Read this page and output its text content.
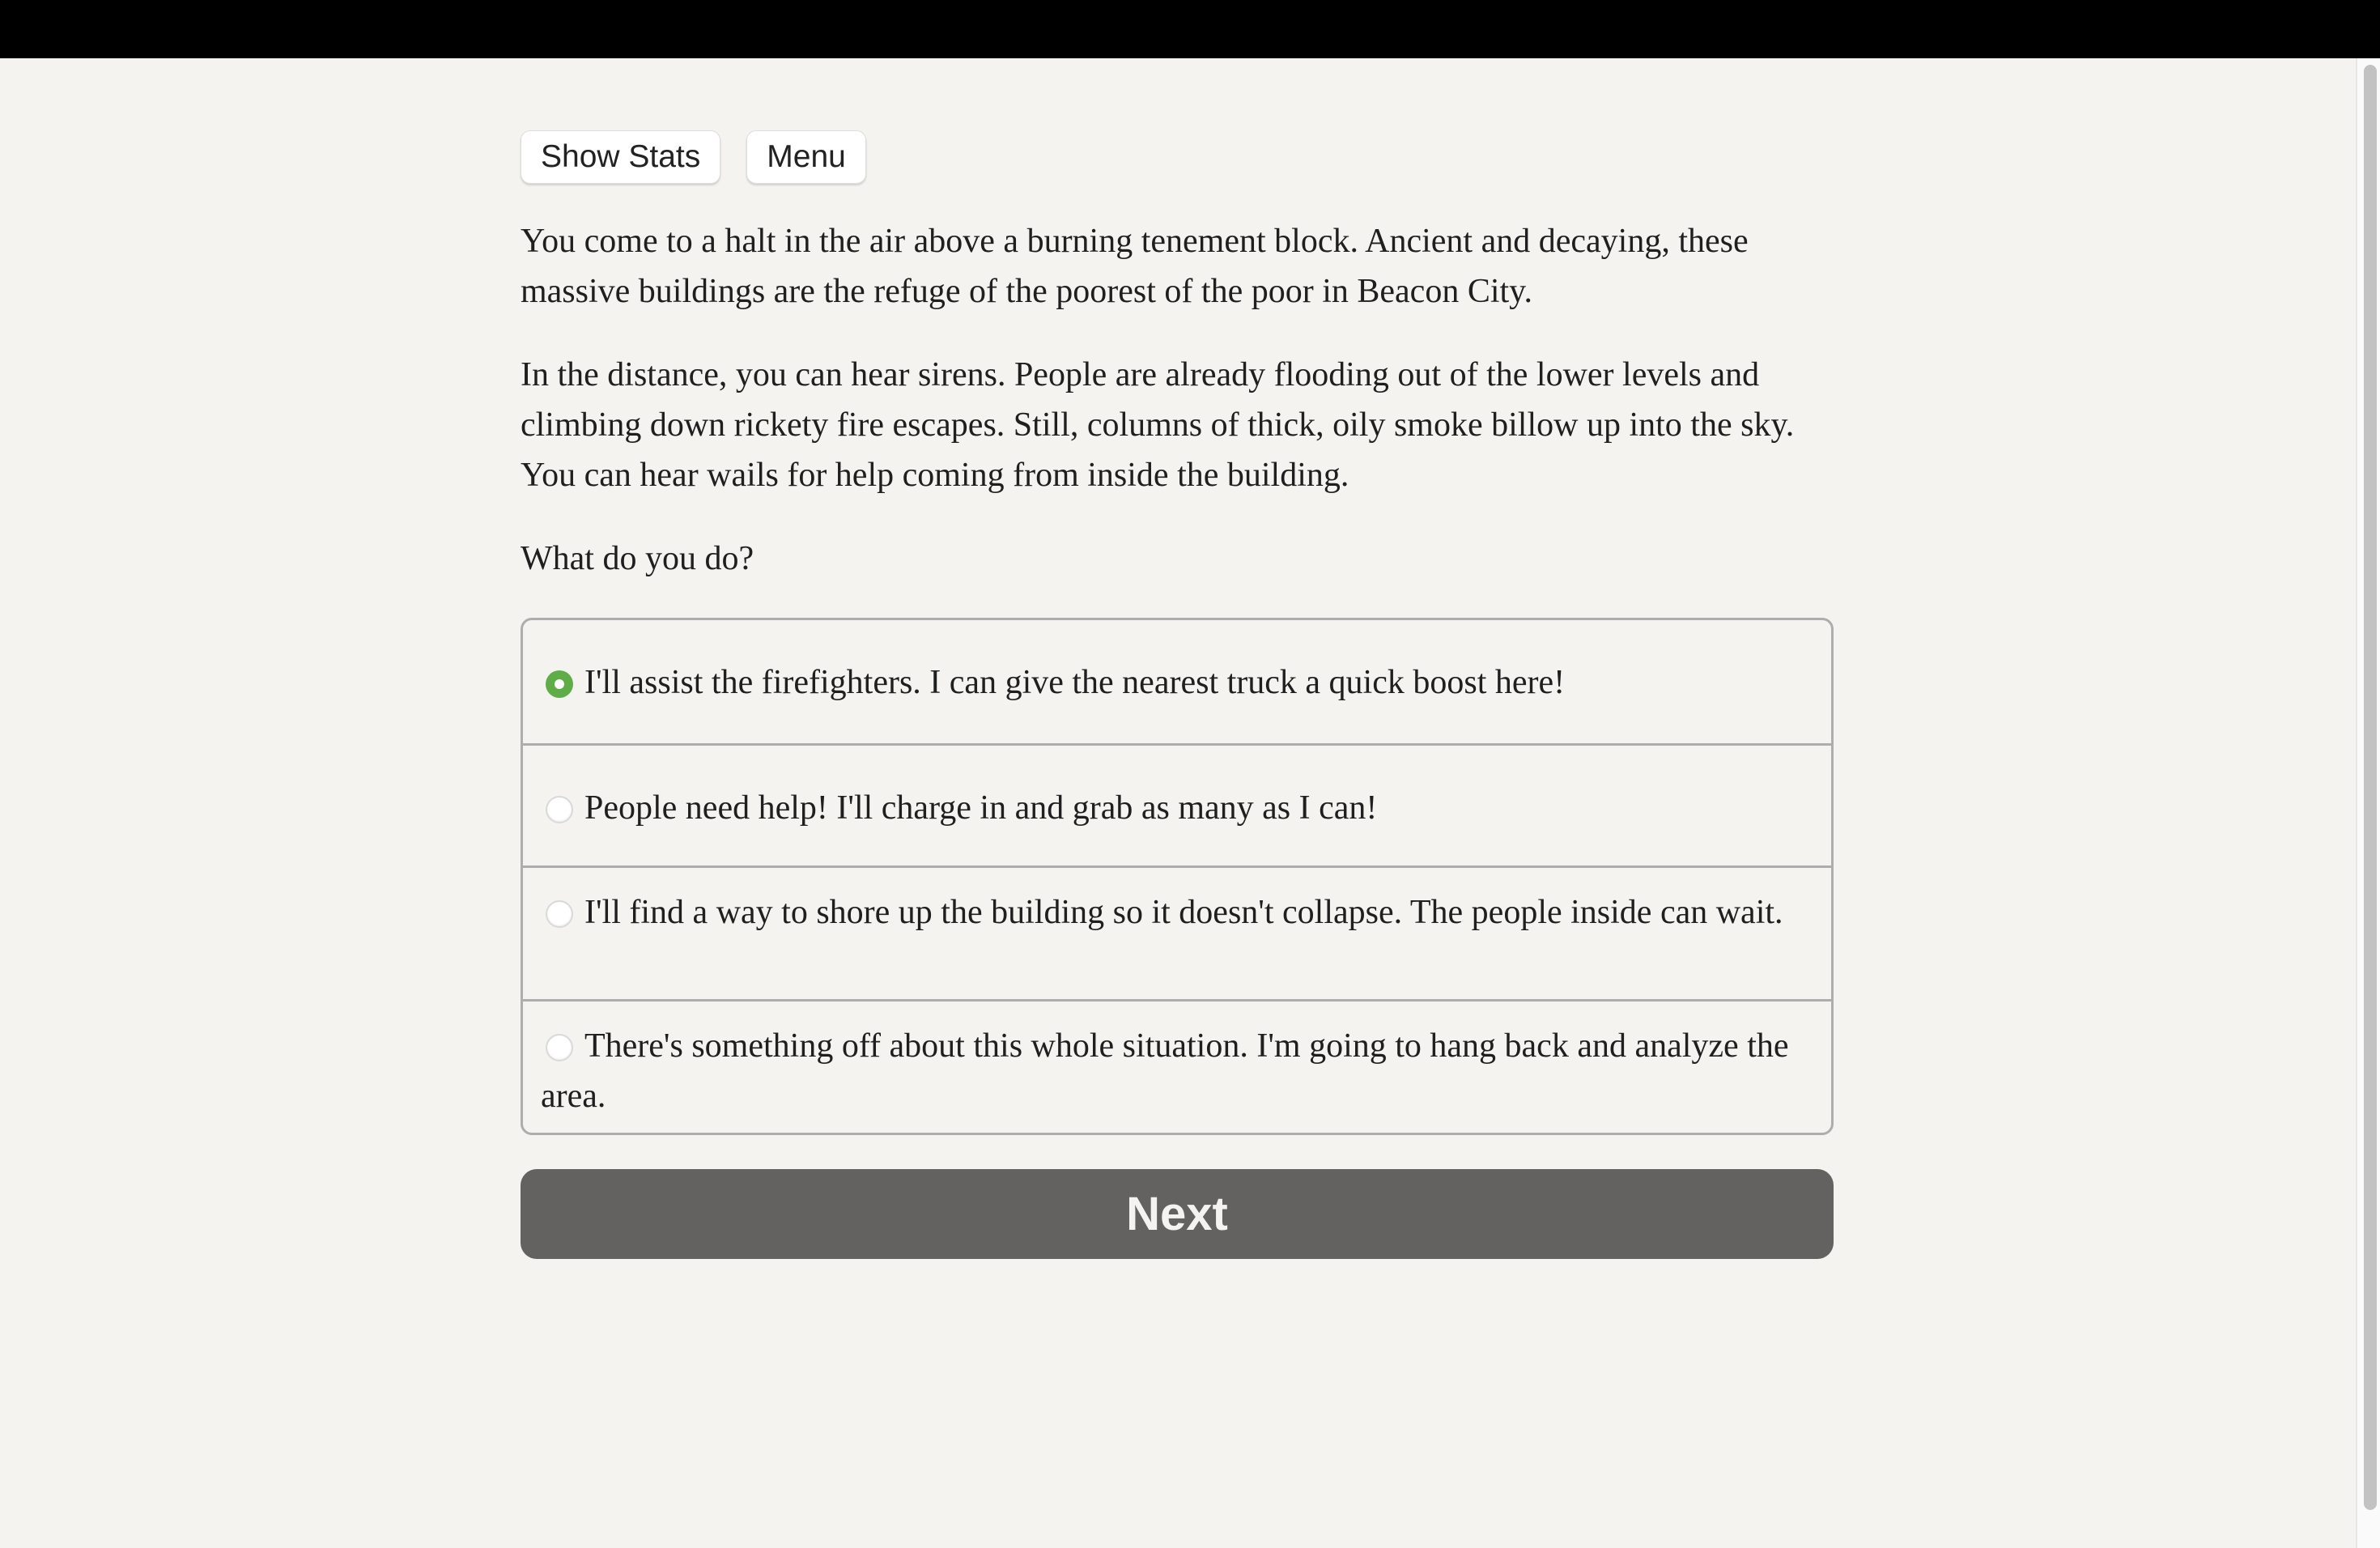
Show Stats	Menu

You come to a halt in the air above a burning tenement block. Ancient and decaying, these massive buildings are the refuge of the poorest of the poor in Beacon City.

In the distance, you can hear sirens. People are already flooding out of the lower levels and climbing down rickety fire escapes. Still, columns of thick, oily smoke billow up into the sky. You can hear wails for help coming from inside the building.

What do you do?

I'll assist the firefighters. I can give the nearest truck a quick boost here!
People need help! I'll charge in and grab as many as I can!
I'll find a way to shore up the building so it doesn't collapse. The people inside can wait.
There's something off about this whole situation. I'm going to hang back and analyze the area.
Next
